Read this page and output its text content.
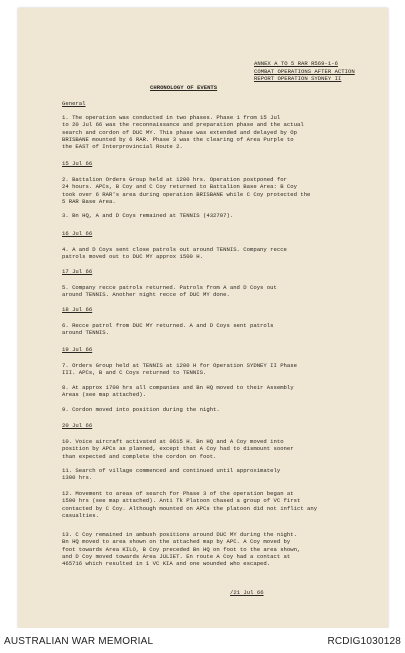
ANNEX A TO 5 RAR R569-1-6
COMBAT OPERATIONS AFTER ACTION
REPORT OPERATION SYDNEY II
CHRONOLOGY OF EVENTS
General
1. The operation was conducted in two phases. Phase 1 from 15 Jul
to 20 Jul 66 was the reconnaissance and preparation phase and the actual
search and cordon of DUC MY. This phase was extended and delayed by Op
BRISBANE mounted by 6 RAR. Phase 3 was the clearing of Area Purple to
the EAST of Interprovincial Route 2.
15 Jul 66
2. Battalion Orders Group held at 1200 hrs. Operation postponed for
24 hours. APCs, B Coy and C Coy returned to Battalion Base Area: B Coy
took over 6 RAR's area during operation BRISBANE while C Coy protected the
5 RAR Base Area.
3. Bn HQ, A and D Coys remained at TENNIS (432707).
16 Jul 66
4. A and D Coys sent close patrols out around TENNIS. Company recce
patrols moved out to DUC MY approx 1500 H.
17 Jul 66
5. Company recce patrols returned. Patrols from A and D Coys out
around TENNIS. Another night recce of DUC MY done.
18 Jul 66
6. Recce patrol from DUC MY returned. A and D Coys sent patrols
around TENNIS.
19 Jul 66
7. Orders Group held at TENNIS at 1200 H for Operation SYDNEY II Phase
III. APCs, B and C Coys returned to TENNIS.
8. At approx 1700 hrs all companies and Bn HQ moved to their Assembly
Areas (see map attached).
9. Cordon moved into position during the night.
20 Jul 66
10. Voice aircraft activated at 0615 H. Bn HQ and A Coy moved into
position by APCs as planned, except that A Coy had to dismount sooner
than expected and complete the cordon on foot.
11. Search of village commenced and continued until approximately
1300 hrs.
12. Movement to areas of search for Phase 3 of the operation began at
1500 hrs (see map attached). Anti Tk Platoon chased a group of VC first
contacted by C Coy. Although mounted on APCs the platoon did not inflict any
casualties.
13. C Coy remained in ambush positions around DUC MY during the night.
Bn HQ moved to area shown on the attached map by APC. A Coy moved by
foot towards Area KILO, B Coy preceded Bn HQ on foot to the area shown,
and D Coy moved towards Area JULIET. En route A Coy had a contact at
465716 which resulted in 1 VC KIA and one wounded who escaped.
/21 Jul 66
AUSTRALIAN WAR MEMORIAL	RCDIG1030128
